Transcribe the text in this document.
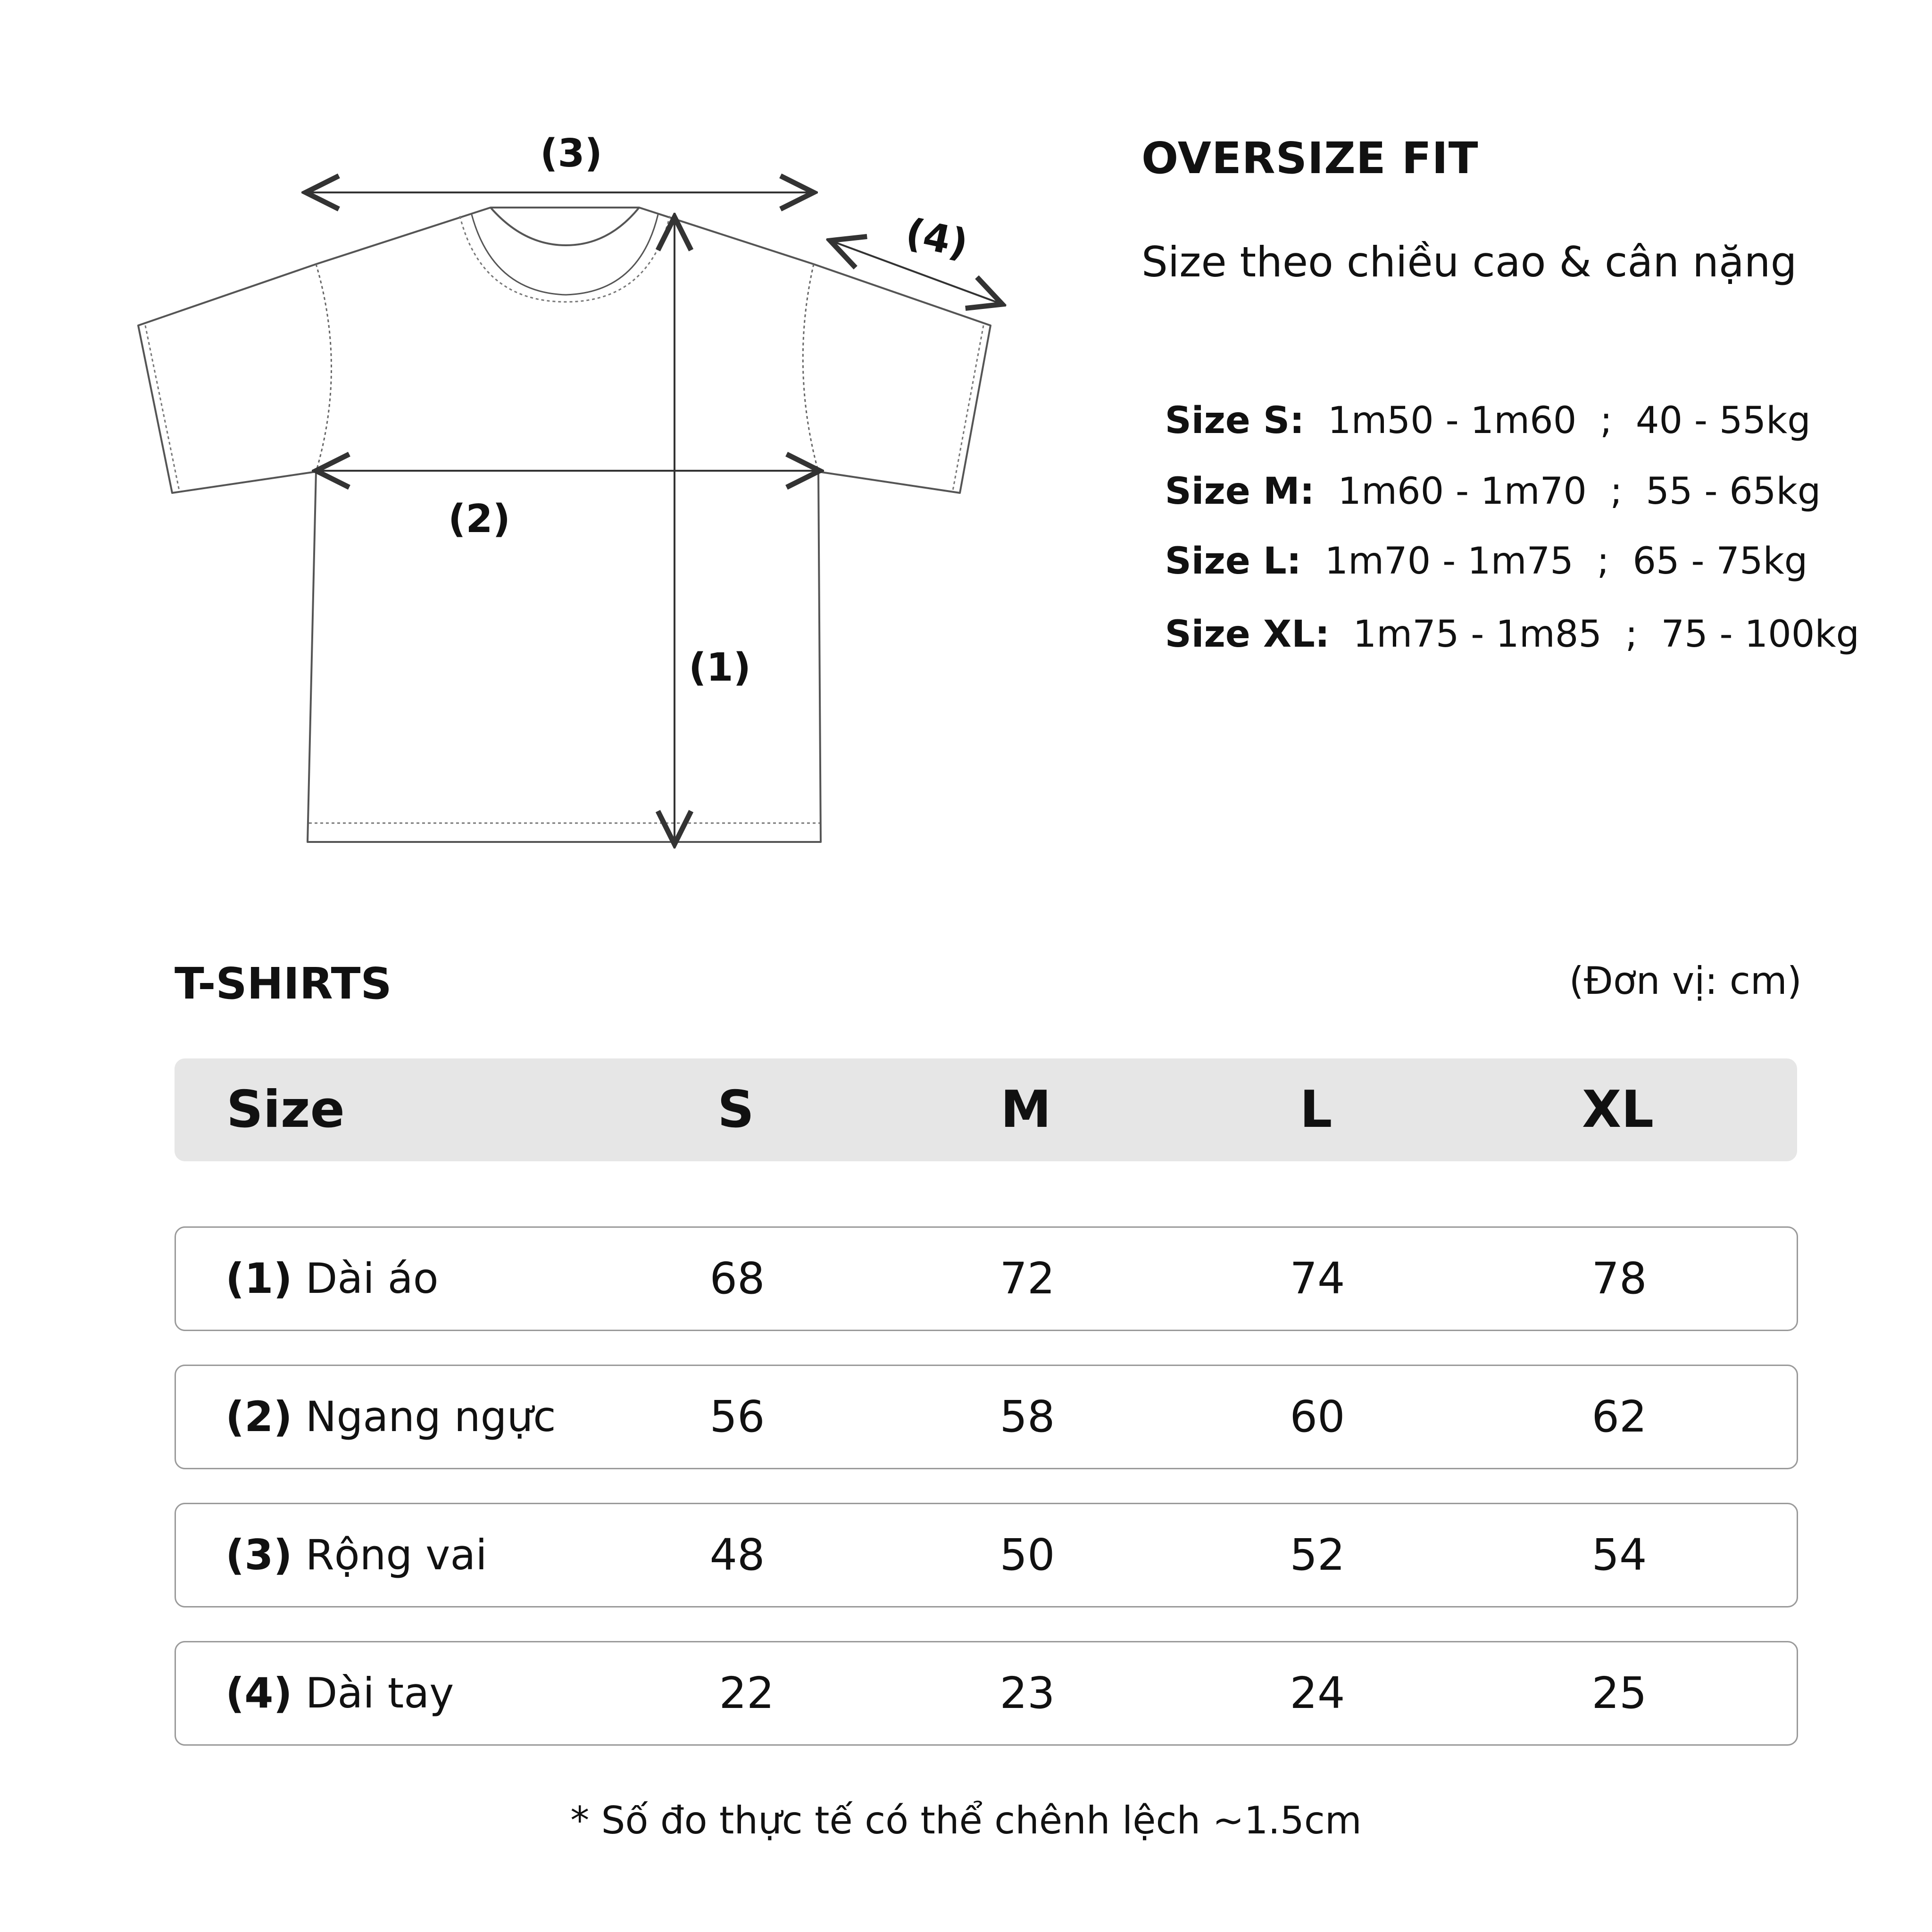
(3)
(4)
(2)
(1)
OVERSIZE FIT
Size theo chiều cao & cân nặng

Size S: 1m50 - 1m60  ;  40 - 55kg

Size M: 1m60 - 1m70  ;  55 - 65kg

Size L: 1m70 - 1m75  ;  65 - 75kg

Size XL: 1m75 - 1m85  ;  75 - 100kg

T-SHIRTS	(Đơn vị: cm)
Size	S	M	L	XL
(1) Dài áo	68	72	74	78
(2) Ngang ngực	56	58	60	62
(3) Rộng vai	48	50	52	54
(4) Dài tay	22	23	24	25
* Số đo thực tế có thể chênh lệch ~1.5cm
